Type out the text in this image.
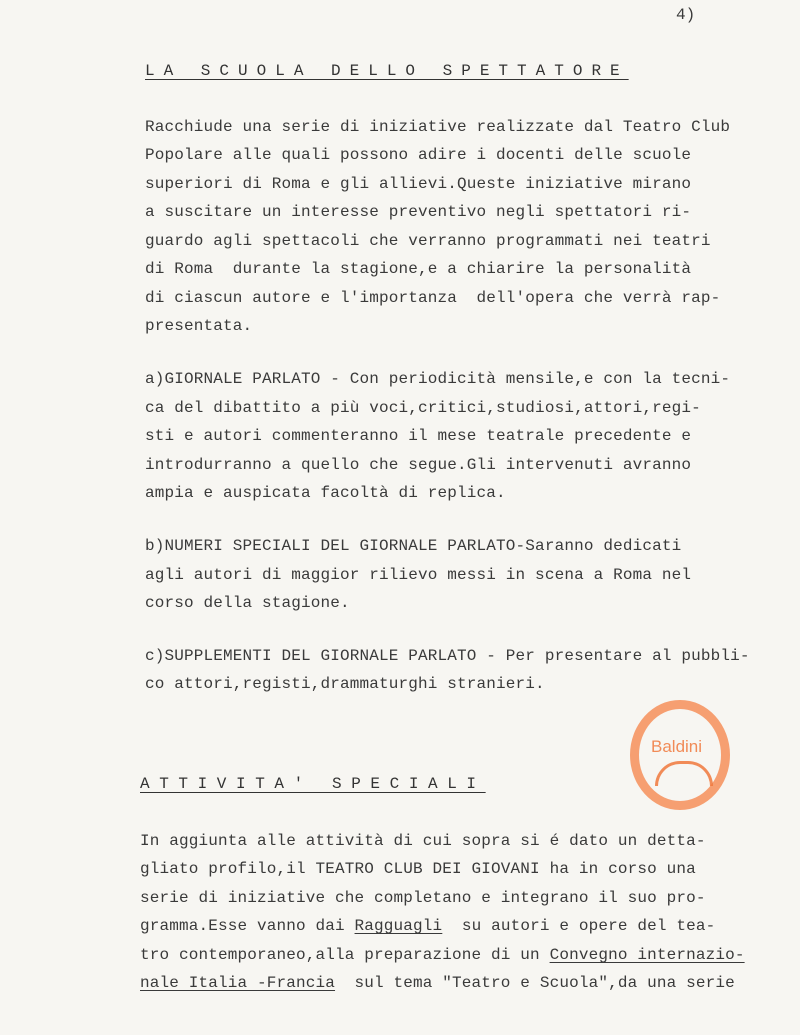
4)
LA SCUOLA DELLO SPETTATORE
ATTIVITA' SPECIALI
Racchiude una serie di iniziative realizzate dal Teatro Club
Popolare alle quali possono adire i docenti delle scuole
superiori di Roma e gli allievi.Queste iniziative mirano
a suscitare un interesse preventivo negli spettatori ri-
guardo agli spettacoli che verranno programmati nei teatri
di Roma  durante la stagione,e a chiarire la personalità
di ciascun autore e l'importanza  dell'opera che verrà rap-
presentata.
a)GIORNALE PARLATO - Con periodicità mensile,e con la tecni-
ca del dibattito a più voci,critici,studiosi,attori,regi-
sti e autori commenteranno il mese teatrale precedente e
introdurranno a quello che segue.Gli intervenuti avranno
ampia e auspicata facoltà di replica.
b)NUMERI SPECIALI DEL GIORNALE PARLATO-Saranno dedicati
agli autori di maggior rilievo messi in scena a Roma nel
corso della stagione.
c)SUPPLEMENTI DEL GIORNALE PARLATO - Per presentare al pubbli-
co attori,registi,drammaturghi stranieri.
In aggiunta alle attività di cui sopra si é dato un detta-
gliato profilo,il TEATRO CLUB DEI GIOVANI ha in corso una
serie di iniziative che completano e integrano il suo pro-
gramma.Esse vanno dai Ragguagli  su autori e opere del tea-
tro contemporaneo,alla preparazione di un Convegno internazio-
nale Italia -Francia  sul tema "Teatro e Scuola",da una serie
Baldini
